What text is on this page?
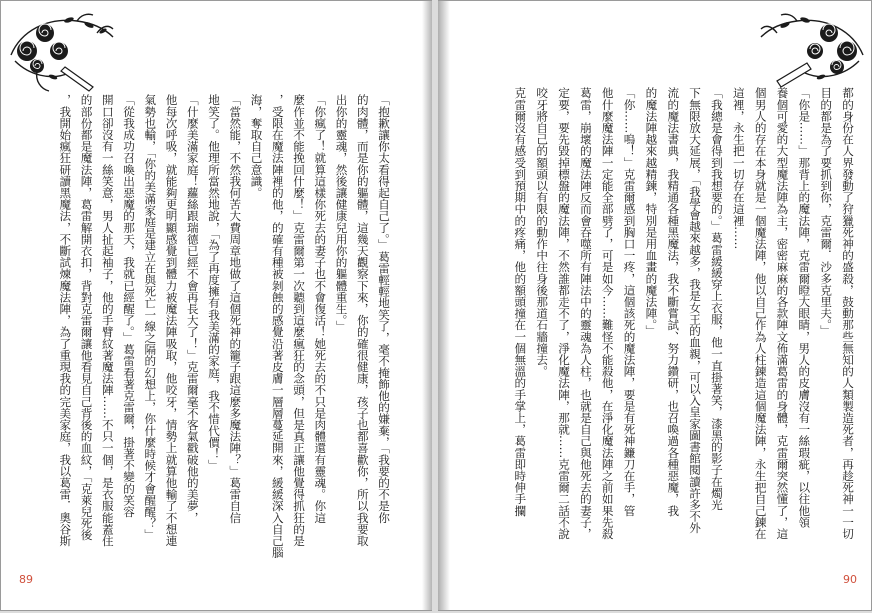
「抱歉讓你太看得起自己了。」葛雷輕輕地笑了，毫不掩飾他的嫌棄，「我要的不是你
的肉體，而是你的軀體，這幾天觀察下來，你的確很健康，孩子也都喜歡你，所以我要取
出你的靈魂，然後讓健康兒用你的軀體重生。」
「你瘋了！就算這樣你死去的妻子也不會復活！她死去的不只是肉體還有靈魂。你這
麼作並不能挽回什麼！」克雷爾第一次聽到這麼瘋狂的念頭，但是真正讓他覺得抓狂的是
，受限在魔法陣裡的他，的確有種被剝蝕的感覺沿著皮膚一層層蔓延開來，緩緩深入自己腦
海，奪取自己意識。
「當然能，不然我何苦大費周章地做了這個死神的籠子跟這麼多魔法陣？」葛雷自信
地笑了。他理所當然地說，「為了再度擁有我美滿的家庭，我不惜代價！」
「什麼美滿家庭！蘿絲跟瑞德已經不會再長大了！」克雷爾毫不客氣戳破他的美夢，
他每次呼吸，就能夠更明顯感覺到體力被魔法陣吸取，他咬牙，情勢上就算他輸了不想連
氣勢也輸，「你的美滿家庭是建立在與死亡一線之隔的幻想上，你什麼時候才會醒醒？」
「從我成功召喚出惡魔的那天，我就已經醒了。」葛雷看著克雷爾，掛著不變的笑容
開口卻沒有一絲笑意，男人扯起袖子，他的手臂紋著魔法陣……不只一個，是衣服能蓋住
的部份都是魔法陣，葛雷解開衣扣，背對克雷爾讓他看見自己背後的血紋，「克萊兒死後
，我開始瘋狂研讀黑魔法，不斷試煉魔法陣，為了重現我的完美家庭，我以葛雷．奧谷斯
89
都的身份在人界發動了狩獵死神的盛殺，鼓動那些無知的人類製造死者，再趁死神一一切
目的都是為了要抓到你，克雷爾．沙多克里夫。」
「你是……」那背上的魔法陣，克雷爾瞪大眼睛，男人的皮膚沒有一絲瑕疵，以往他領
養個可愛的大型魔法陣為主，密密麻麻的各款陣文佈滿葛雷的身體，克雷爾突然懂了，這
個男人的存在本身就是一個魔法陣，他以自己作為人柱鍊造這個魔法陣，永生把自己鍊在
這裡，永生把一切存在這裡……
「我總是會得到我想要的。」葛雷緩緩穿上衣服，他一直掛著笑，漆黑的影子在燭光
下無限放大延展，「我學會越來越多，我是女王的血親，可以入皇家圖書館閱讀許多不外
流的魔法書典，我精通各種黑魔法，我不斷嘗試、努力鑽研，也召喚過各種惡魔，我
的魔法陣越來越精鍊，特別是用血畫的魔法陣。」
「你……嗚！」克雷爾感到胸口一疼，這個該死的魔法陣，要是有死神鐮刀在手，管
他什麼魔法陣一定能全部劈了，可是如今……難怪不能殺他，在淨化魔法陣之前如果先殺
葛雷，崩壞的魔法陣反而會吞噬所有陣法中的靈魂為人柱，也就是自己與他死去的妻子，
定要，要先毀掉標盤的魔法陣，不然誰都走不了，淨化魔法陣，那就……克雷爾二話不說
咬牙將自己的額頭以有限的動作中往身後那道石牆撞去。
克雷爾沒有感受到預期中的疼痛，他的額頭撞在一個無溫的手掌上，葛雷即時伸手攔
90
